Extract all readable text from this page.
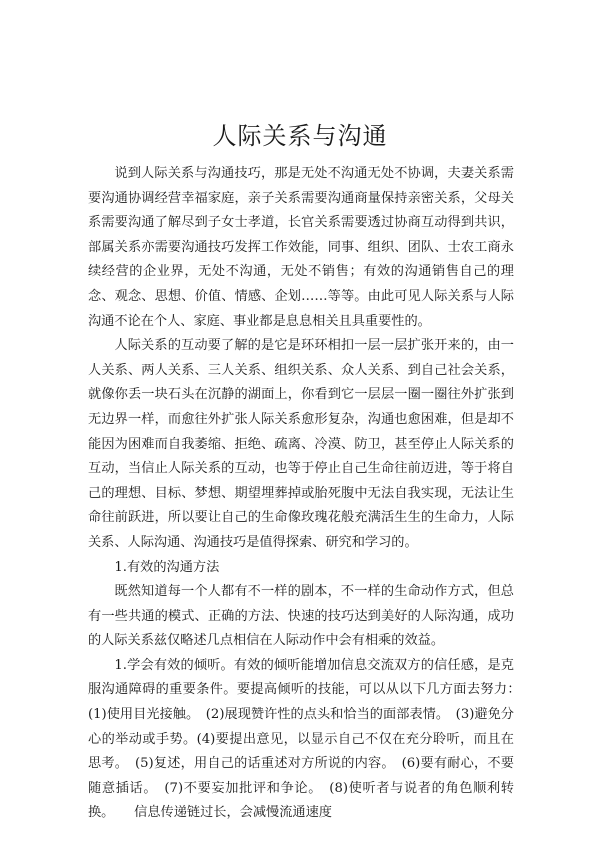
人际关系与沟通

说到人际关系与沟通技巧，那是无处不沟通无处不协调，夫妻关系需要沟通协调经营幸福家庭，亲子关系需要沟通商量保持亲密关系，父母关系需要沟通了解尽到子女士孝道，长官关系需要透过协商互动得到共识，部属关系亦需要沟通技巧发挥工作效能，同事、组织、团队、士农工商永续经营的企业界，无处不沟通，无处不销售；有效的沟通销售自己的理念、观念、思想、价值、情感、企划……等等。由此可见人际关系与人际沟通不论在个人、家庭、事业都是息息相关且具重要性的。

人际关系的互动要了解的是它是环环相扣一层一层扩张开来的，由一人关系、两人关系、三人关系、组织关系、众人关系、到自己社会关系，就像你丢一块石头在沉静的湖面上，你看到它一层层一圈一圈往外扩张到无边界一样，而愈往外扩张人际关系愈形复杂，沟通也愈困难，但是却不能因为困难而自我萎缩、拒绝、疏离、冷漠、防卫，甚至停止人际关系的互动，当信止人际关系的互动，也等于停止自己生命往前迈进，等于将自己的理想、目标、梦想、期望埋葬掉或胎死腹中无法自我实现，无法让生命往前跃进，所以要让自己的生命像玫瑰花般充满活生生的生命力，人际关系、人际沟通、沟通技巧是值得探索、研究和学习的。

1.有效的沟通方法

既然知道每一个人都有不一样的剧本，不一样的生命动作方式，但总有一些共通的模式、正确的方法、快速的技巧达到美好的人际沟通，成功的人际关系兹仅略述几点相信在人际动作中会有相乘的效益。

1.学会有效的倾听。有效的倾听能增加信息交流双方的信任感，是克服沟通障碍的重要条件。要提高倾听的技能，可以从以下几方面去努力：　(1)使用目光接触。　(2)展现赞许性的点头和恰当的面部表情。　(3)避免分心的举动或手势。(4)要提出意见，以显示自己不仅在充分聆听，而且在思考。　(5)复述，用自己的话重述对方所说的内容。　(6)要有耐心，不要随意插话。　(7)不要妄加批评和争论。　(8)使听者与说者的角色顺利转换。　　信息传递链过长，会减慢流通速度
